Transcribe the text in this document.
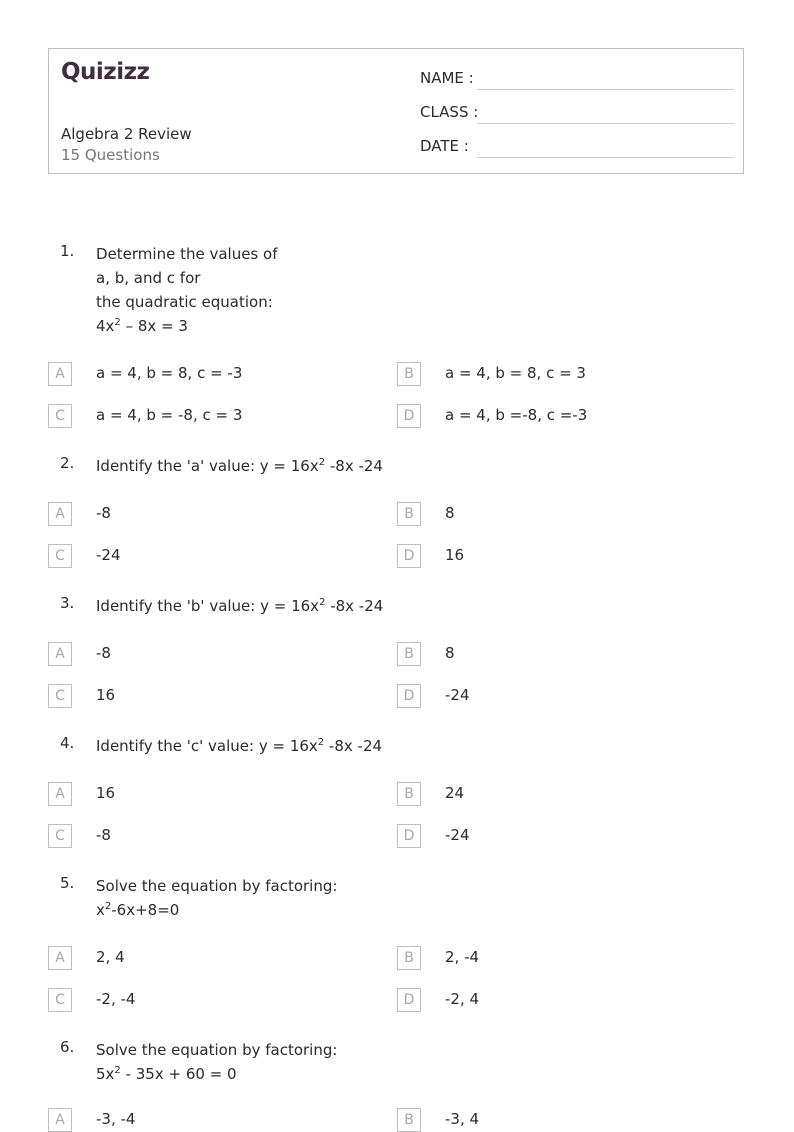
Quizizz
Algebra 2 Review
15 Questions
NAME :
CLASS :
DATE :
1. Determine the values of
a, b, and c for
the quadratic equation:
$4x^2 - 8x = 3$
A	a = 4, b = 8, c = -3	B	a = 4, b = 8, c = 3
C	a = 4, b = -8, c = 3	D	a = 4, b =-8, c =-3
2. Identify the 'a' value: $y = 16x^2$ -8x -24
A	-8	B	8
C	-24	D	16
3. Identify the 'b' value: $y = 16x^2$ -8x -24
A	-8	B	8
C	16	D	-24
4. Identify the 'c' value: $y = 16x^2$ -8x -24
A	16	B	24
C	-8	D	-24
5. Solve the equation by factoring:
$x^2-6x+8=0$
A	2, 4	B	2, -4
C	-2, -4	D	-2, 4
6. Solve the equation by factoring:
$5x^2 - 35x + 60 = 0$
A	-3, -4	B	-3, 4
